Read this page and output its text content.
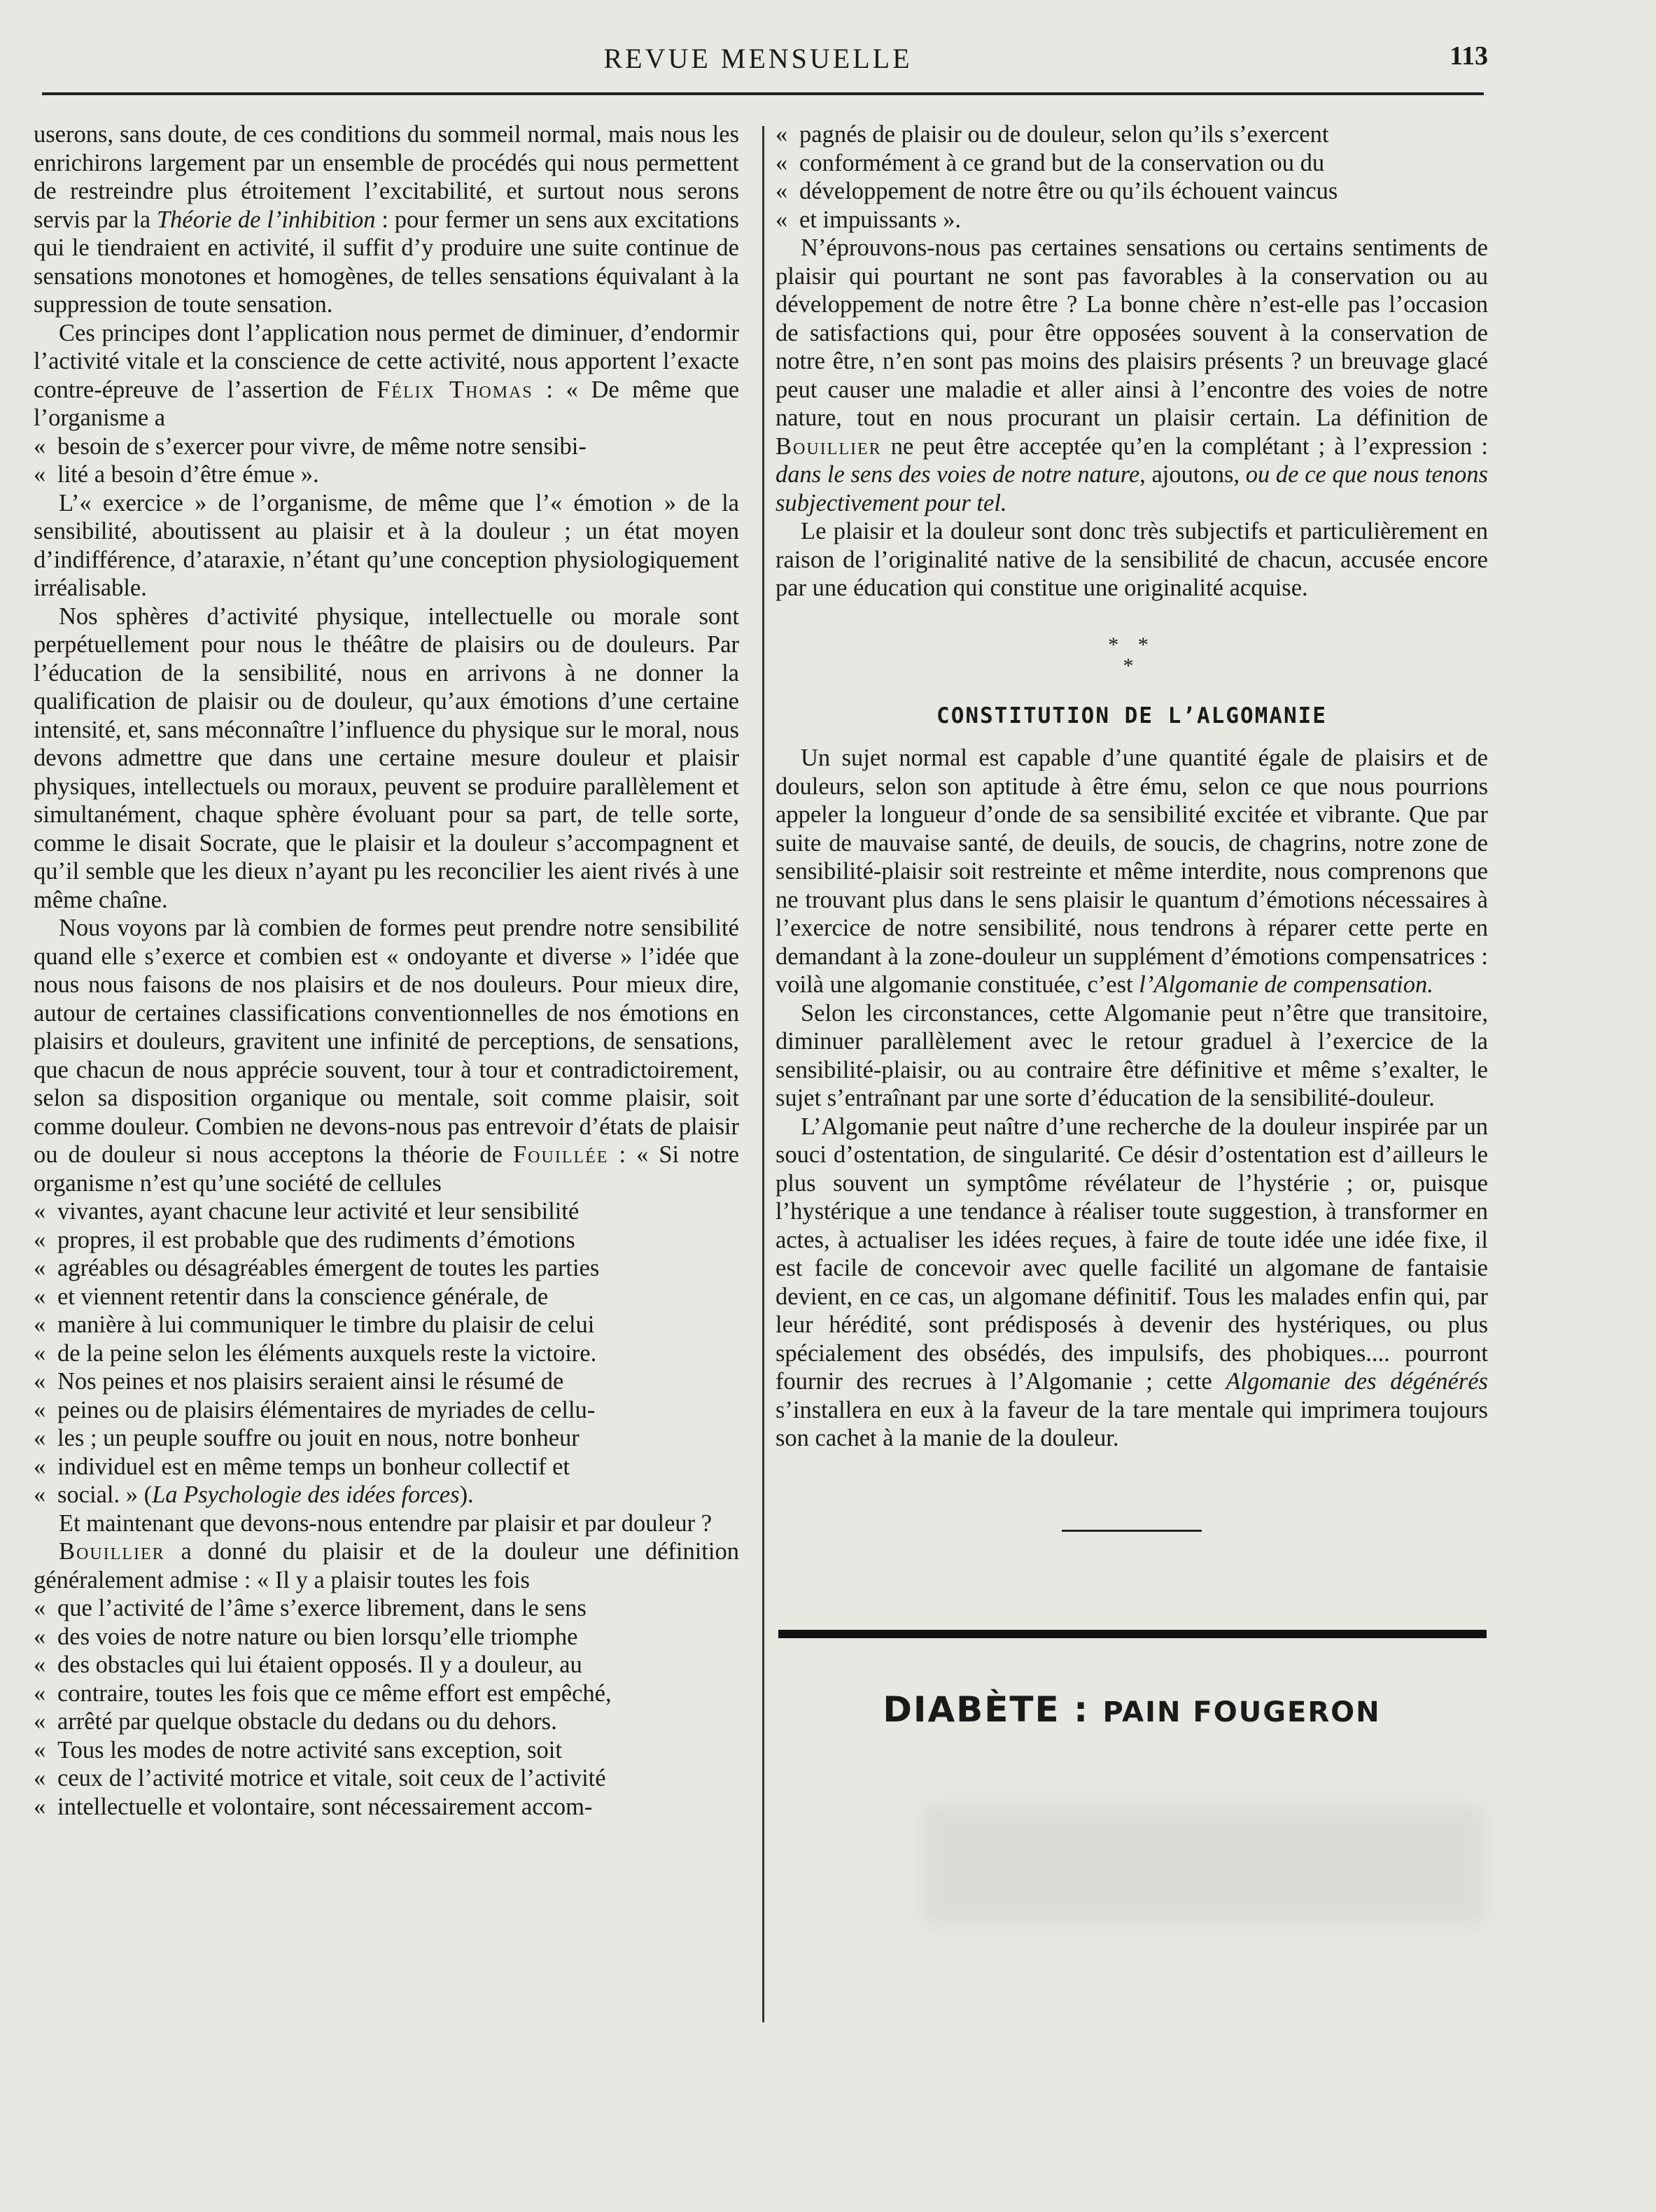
REVUE MENSUELLE	113

userons, sans doute, de ces conditions du sommeil normal, mais nous les enrichirons largement par un ensemble de procédés qui nous permettent de restreindre plus étroitement l’excitabilité, et surtout nous serons servis par la Théorie de l’inhibition : pour fermer un sens aux excitations qui le tiendraient en activité, il suffit d’y produire une suite continue de sensations monotones et homogènes, de telles sensations équivalant à la suppression de toute sensation.

Ces principes dont l’application nous permet de diminuer, d’endormir l’activité vitale et la conscience de cette activité, nous apportent l’exacte contre-épreuve de l’assertion de Félix Thomas : « De même que l’organisme a

« besoin de s’exercer pour vivre, de même notre sensibi-
« lité a besoin d’être émue ».

L’« exercice » de l’organisme, de même que l’« émotion » de la sensibilité, aboutissent au plaisir et à la douleur ; un état moyen d’indifférence, d’ataraxie, n’étant qu’une conception physiologiquement irréalisable.

Nos sphères d’activité physique, intellectuelle ou morale sont perpétuellement pour nous le théâtre de plaisirs ou de douleurs. Par l’éducation de la sensibilité, nous en arrivons à ne donner la qualification de plaisir ou de douleur, qu’aux émotions d’une certaine intensité, et, sans méconnaître l’influence du physique sur le moral, nous devons admettre que dans une certaine mesure douleur et plaisir physiques, intellectuels ou moraux, peuvent se produire parallèlement et simultanément, chaque sphère évoluant pour sa part, de telle sorte, comme le disait Socrate, que le plaisir et la douleur s’accompagnent et qu’il semble que les dieux n’ayant pu les reconcilier les aient rivés à une même chaîne.

Nous voyons par là combien de formes peut prendre notre sensibilité quand elle s’exerce et combien est « ondoyante et diverse » l’idée que nous nous faisons de nos plaisirs et de nos douleurs. Pour mieux dire, autour de certaines classifications conventionnelles de nos émotions en plaisirs et douleurs, gravitent une infinité de perceptions, de sensations, que chacun de nous apprécie souvent, tour à tour et contradictoirement, selon sa disposition organique ou mentale, soit comme plaisir, soit comme douleur. Combien ne devons-nous pas entrevoir d’états de plaisir ou de douleur si nous acceptons la théorie de Fouillée : « Si notre organisme n’est qu’une société de cellules

« vivantes, ayant chacune leur activité et leur sensibilité
« propres, il est probable que des rudiments d’émotions
« agréables ou désagréables émergent de toutes les parties
« et viennent retentir dans la conscience générale, de
« manière à lui communiquer le timbre du plaisir de celui
« de la peine selon les éléments auxquels reste la victoire.
« Nos peines et nos plaisirs seraient ainsi le résumé de
« peines ou de plaisirs élémentaires de myriades de cellu-
« les ; un peuple souffre ou jouit en nous, notre bonheur
« individuel est en même temps un bonheur collectif et
« social. » (La Psychologie des idées forces).

Et maintenant que devons-nous entendre par plaisir et par douleur ?

Bouillier a donné du plaisir et de la douleur une définition généralement admise : « Il y a plaisir toutes les fois

« que l’activité de l’âme s’exerce librement, dans le sens
« des voies de notre nature ou bien lorsqu’elle triomphe
« des obstacles qui lui étaient opposés. Il y a douleur, au
« contraire, toutes les fois que ce même effort est empêché,
« arrêté par quelque obstacle du dedans ou du dehors.
« Tous les modes de notre activité sans exception, soit
« ceux de l’activité motrice et vitale, soit ceux de l’activité
« intellectuelle et volontaire, sont nécessairement accom-
« pagnés de plaisir ou de douleur, selon qu’ils s’exercent
« conformément à ce grand but de la conservation ou du
« développement de notre être ou qu’ils échouent vaincus
« et impuissants ».

N’éprouvons-nous pas certaines sensations ou certains sentiments de plaisir qui pourtant ne sont pas favorables à la conservation ou au développement de notre être ? La bonne chère n’est-elle pas l’occasion de satisfactions qui, pour être opposées souvent à la conservation de notre être, n’en sont pas moins des plaisirs présents ? un breuvage glacé peut causer une maladie et aller ainsi à l’encontre des voies de notre nature, tout en nous procurant un plaisir certain. La définition de Bouillier ne peut être acceptée qu’en la complétant ; à l’expression : dans le sens des voies de notre nature, ajoutons, ou de ce que nous tenons subjectivement pour tel.

Le plaisir et la douleur sont donc très subjectifs et particulièrement en raison de l’originalité native de la sensibilité de chacun, accusée encore par une éducation qui constitue une originalité acquise.

* *
*
CONSTITUTION DE L’ALGOMANIE

Un sujet normal est capable d’une quantité égale de plaisirs et de douleurs, selon son aptitude à être ému, selon ce que nous pourrions appeler la longueur d’onde de sa sensibilité excitée et vibrante. Que par suite de mauvaise santé, de deuils, de soucis, de chagrins, notre zone de sensibilité-plaisir soit restreinte et même interdite, nous comprenons que ne trouvant plus dans le sens plaisir le quantum d’émotions nécessaires à l’exercice de notre sensibilité, nous tendrons à réparer cette perte en demandant à la zone-douleur un supplément d’émotions compensatrices : voilà une algomanie constituée, c’est l’Algomanie de compensation.

Selon les circonstances, cette Algomanie peut n’être que transitoire, diminuer parallèlement avec le retour graduel à l’exercice de la sensibilité-plaisir, ou au contraire être définitive et même s’exalter, le sujet s’entraînant par une sorte d’éducation de la sensibilité-douleur.

L’Algomanie peut naître d’une recherche de la douleur inspirée par un souci d’ostentation, de singularité. Ce désir d’ostentation est d’ailleurs le plus souvent un symptôme révélateur de l’hystérie ; or, puisque l’hystérique a une tendance à réaliser toute suggestion, à transformer en actes, à actualiser les idées reçues, à faire de toute idée une idée fixe, il est facile de concevoir avec quelle facilité un algomane de fantaisie devient, en ce cas, un algomane définitif. Tous les malades enfin qui, par leur hérédité, sont prédisposés à devenir des hystériques, ou plus spécialement des obsédés, des impulsifs, des phobiques.... pourront fournir des recrues à l’Algomanie ; cette Algomanie des dégénérés s’installera en eux à la faveur de la tare mentale qui imprimera toujours son cachet à la manie de la douleur.

DIABÈTE : PAIN FOUGERON
